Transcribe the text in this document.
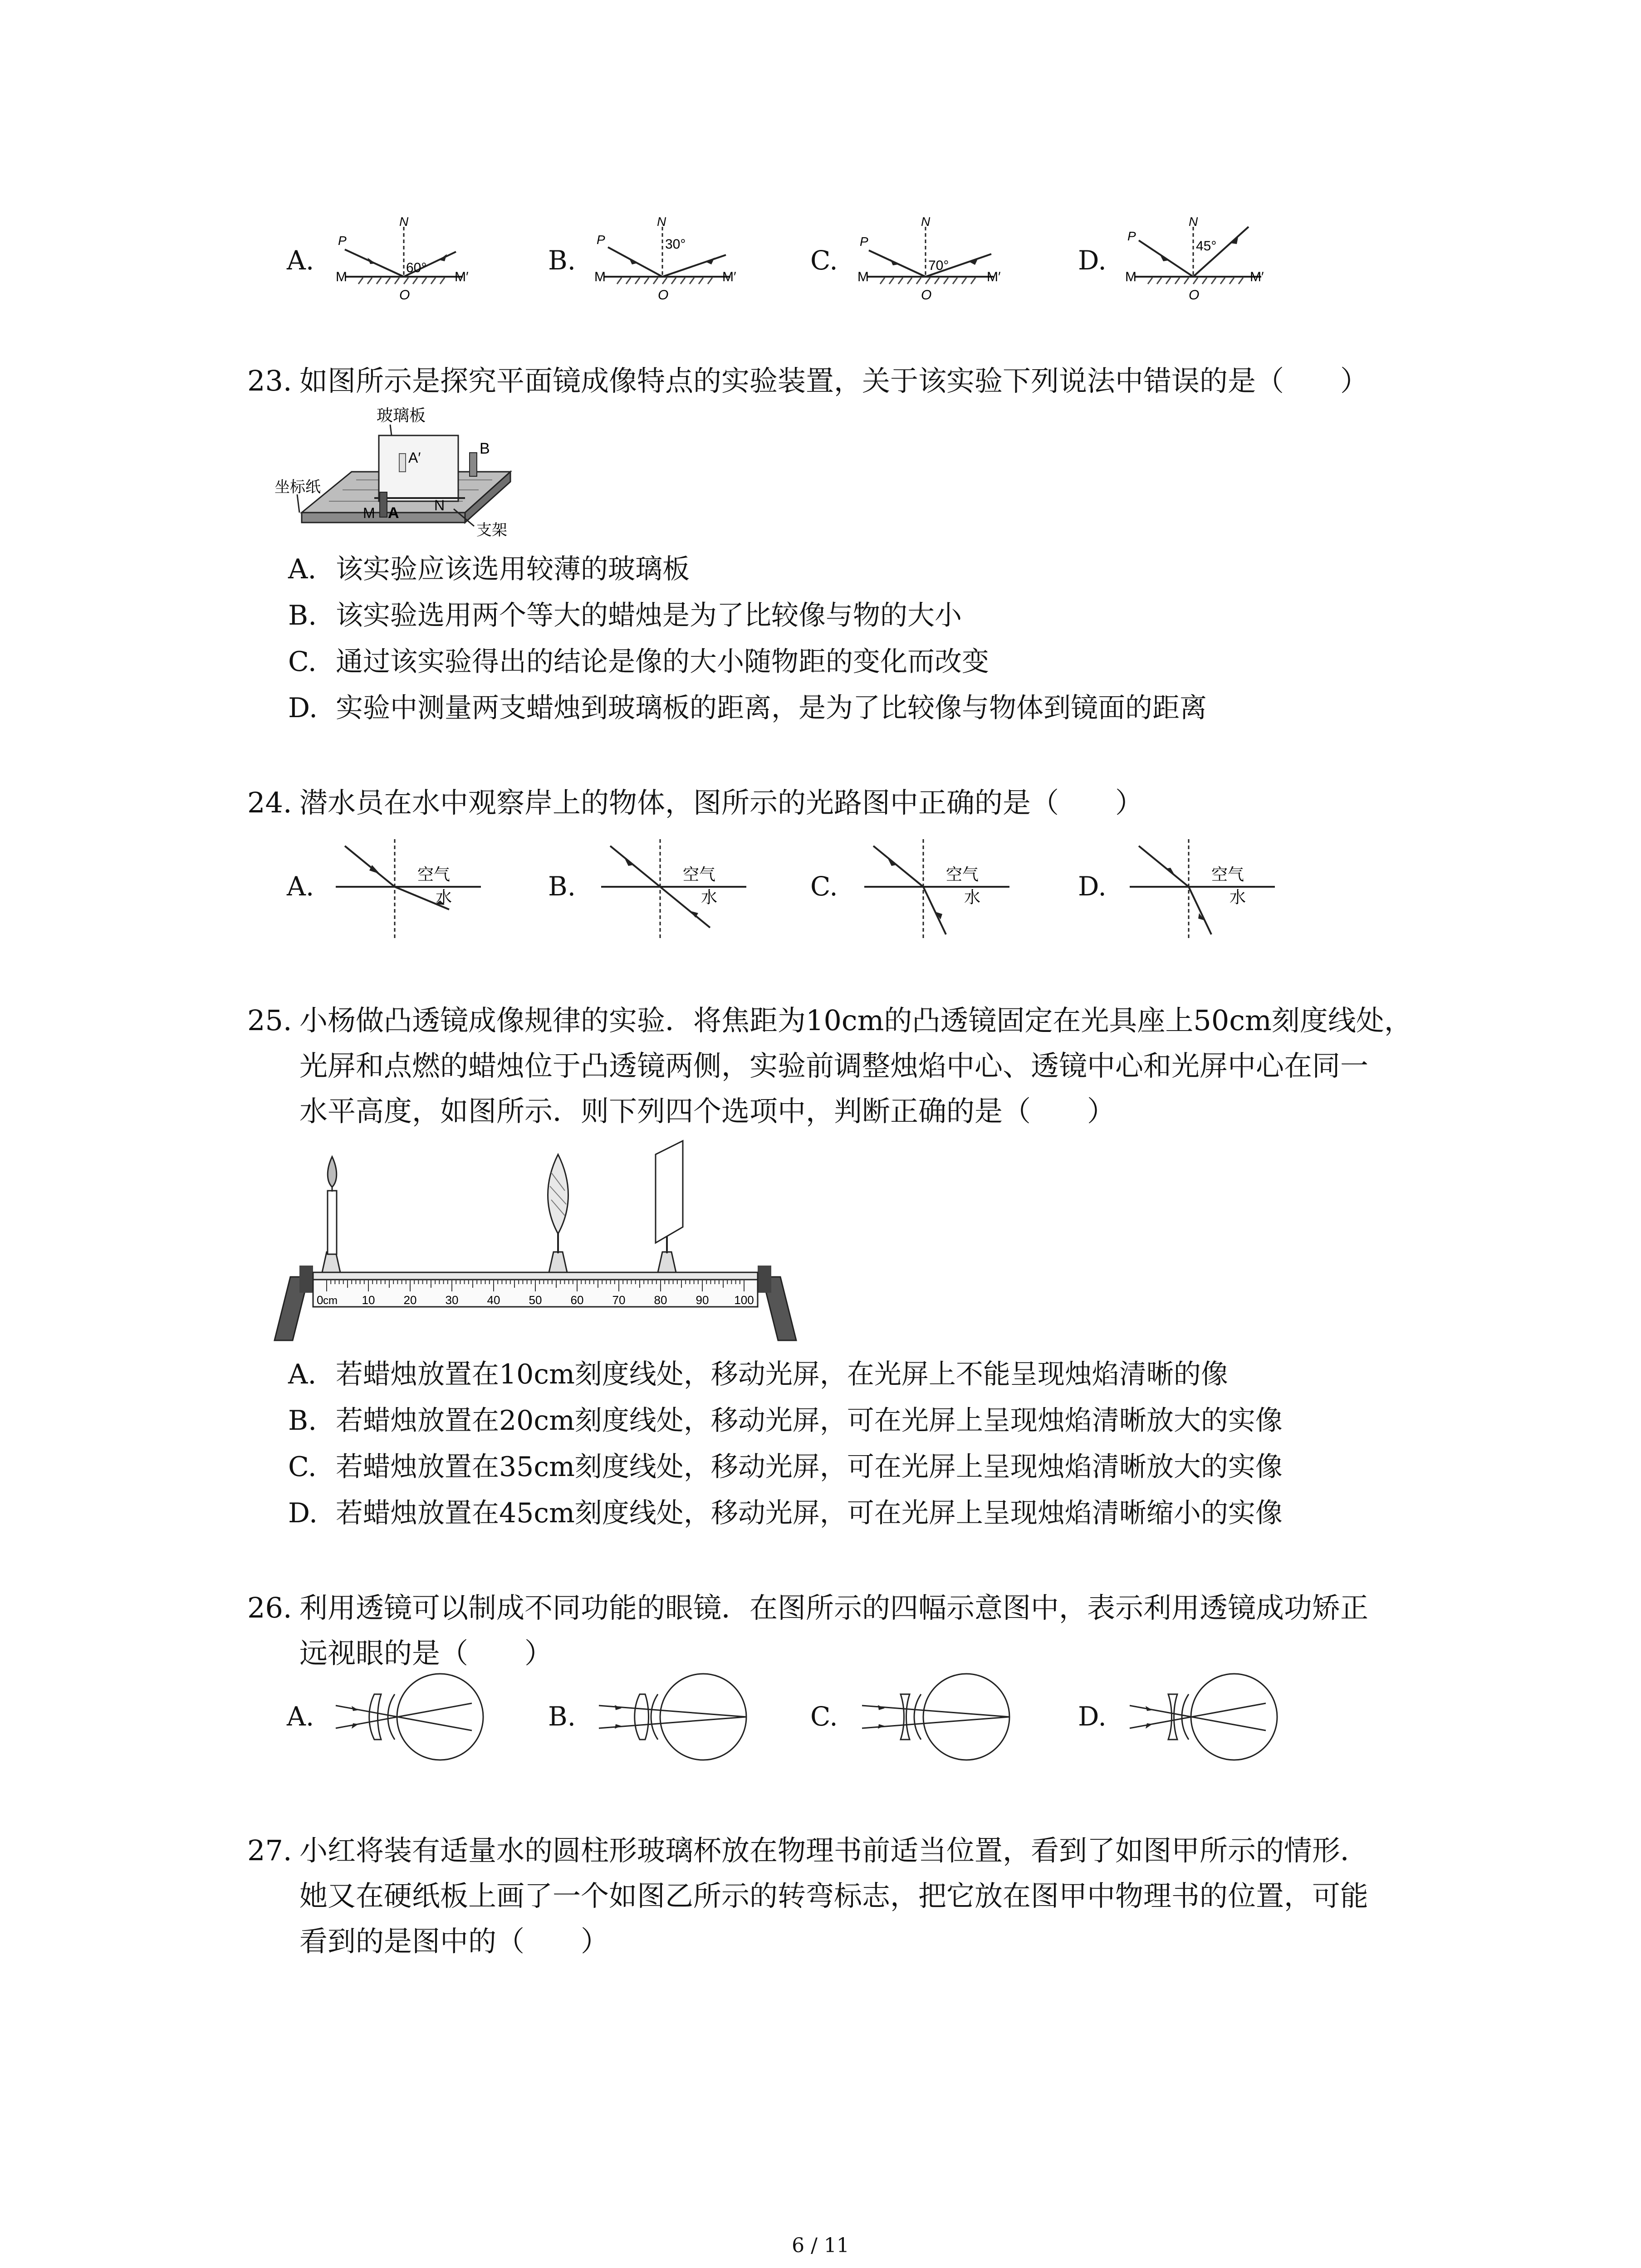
A.
P
N
60°
M	M′
O
B.
P
N
30°
M	M′
O
C.
P
N
70°
M	M′
O
D.
P
N
45°
M	M′
O
23. 如图所示是探究平面镜成像特点的实验装置，关于该实验下列说法中错误的是（　　）
玻璃板
A′
B
A
M	N
坐标纸
支架
A. 该实验应该选用较薄的玻璃板
B. 该实验选用两个等大的蜡烛是为了比较像与物的大小
C. 通过该实验得出的结论是像的大小随物距的变化而改变
D. 实验中测量两支蜡烛到玻璃板的距离，是为了比较像与物体到镜面的距离
24. 潜水员在水中观察岸上的物体，图所示的光路图中正确的是（　　）
A.	空气
水	B.	空气
水	C.	空气
水	D.	空气
水
25. 小杨做凸透镜成像规律的实验．将焦距为10cm的凸透镜固定在光具座上50cm刻度线处，
光屏和点燃的蜡烛位于凸透镜两侧，实验前调整烛焰中心、透镜中心和光屏中心在同一
水平高度，如图所示．则下列四个选项中，判断正确的是（　　）
10 20 30 40 50 60 70 80 90 100
0 cm
A. 若蜡烛放置在10cm刻度线处，移动光屏，在光屏上不能呈现烛焰清晰的像
B. 若蜡烛放置在20cm刻度线处，移动光屏，可在光屏上呈现烛焰清晰放大的实像
C. 若蜡烛放置在35cm刻度线处，移动光屏，可在光屏上呈现烛焰清晰放大的实像
D. 若蜡烛放置在45cm刻度线处，移动光屏，可在光屏上呈现烛焰清晰缩小的实像
26. 利用透镜可以制成不同功能的眼镜．在图所示的四幅示意图中，表示利用透镜成功矫正
远视眼的是（　　）
A.	B.	C.	D.
27. 小红将装有适量水的圆柱形玻璃杯放在物理书前适当位置，看到了如图甲所示的情形．
她又在硬纸板上画了一个如图乙所示的转弯标志，把它放在图甲中物理书的位置，可能
看到的是图中的（　　）
6 / 11
